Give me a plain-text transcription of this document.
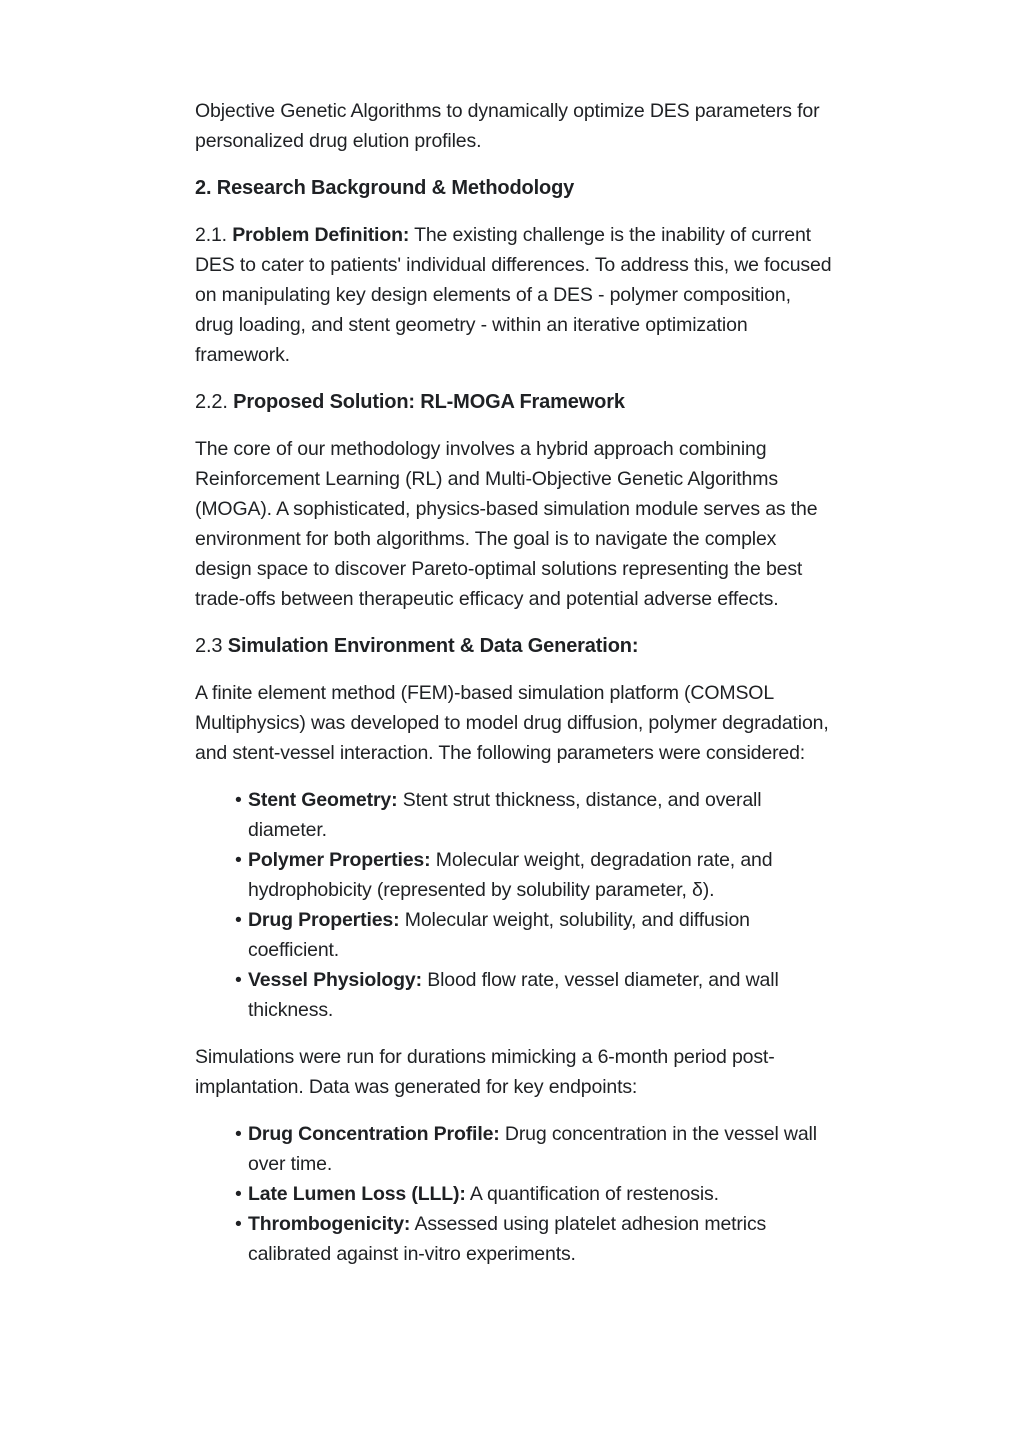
Objective Genetic Algorithms to dynamically optimize DES parameters for personalized drug elution profiles.

2. Research Background & Methodology

2.1. Problem Definition: The existing challenge is the inability of current DES to cater to patients' individual differences. To address this, we focused on manipulating key design elements of a DES - polymer composition, drug loading, and stent geometry - within an iterative optimization framework.

2.2. Proposed Solution: RL-MOGA Framework

The core of our methodology involves a hybrid approach combining Reinforcement Learning (RL) and Multi-Objective Genetic Algorithms (MOGA). A sophisticated, physics-based simulation module serves as the environment for both algorithms. The goal is to navigate the complex design space to discover Pareto-optimal solutions representing the best trade-offs between therapeutic efficacy and potential adverse effects.

2.3 Simulation Environment & Data Generation:

A finite element method (FEM)-based simulation platform (COMSOL Multiphysics) was developed to model drug diffusion, polymer degradation, and stent-vessel interaction. The following parameters were considered:

• Stent Geometry: Stent strut thickness, distance, and overall diameter.
• Polymer Properties: Molecular weight, degradation rate, and hydrophobicity (represented by solubility parameter, δ).
• Drug Properties: Molecular weight, solubility, and diffusion coefficient.
• Vessel Physiology: Blood flow rate, vessel diameter, and wall thickness.

Simulations were run for durations mimicking a 6-month period post-implantation. Data was generated for key endpoints:

• Drug Concentration Profile: Drug concentration in the vessel wall over time.
• Late Lumen Loss (LLL): A quantification of restenosis.
• Thrombogenicity: Assessed using platelet adhesion metrics calibrated against in-vitro experiments.
